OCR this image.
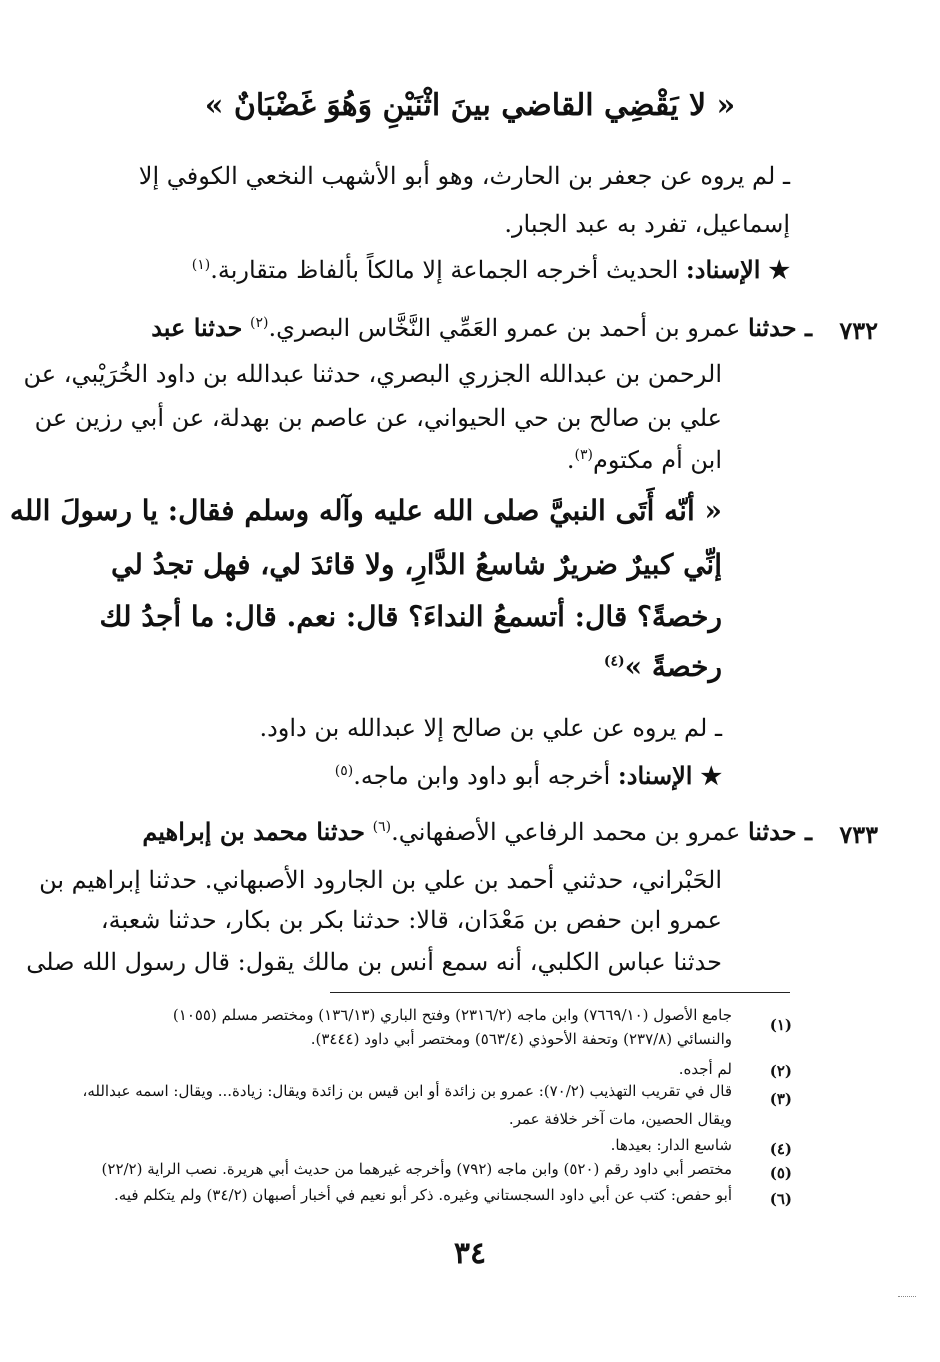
« لا يَقْضِي القاضي بينَ اثْنَيْنِ وَهُوَ غَضْبَانٌ »
ـ لم يروه عن جعفر بن الحارث، وهو أبو الأشهب النخعي الكوفي إلا
إسماعيل، تفرد به عبد الجبار.
★الإسناد: الحديث أخرجه الجماعة إلا مالكاً بألفاظ متقاربة.$^{(١)}$
٧٣٢
ـ حدثنا عمرو بن أحمد بن عمرو العَمِّي النَّخَّاس البصري.$^{(٢)}$ حدثنا عبد
الرحمن بن عبدالله الجزري البصري، حدثنا عبدالله بن داود الخُرَيْبي، عن
علي بن صالح بن حي الحيواني، عن عاصم بن بهدلة، عن أبي رزين عن
ابن أم مكتوم$^{(٣)}$.
« أنّه أَتَى النبيَّ صلى الله عليه وآله وسلم فقال: يا رسولَ الله
إنِّي كبيرٌ ضريرٌ شاسعُ الدَّارِ، ولا قائدَ لي، فهل تجدُ لي
رخصةً؟ قال: أتسمعُ النداءَ؟ قال: نعم. قال: ما أجدُ لك
رخصةً »$^{(٤)}$
ـ لم يروه عن علي بن صالح إلا عبدالله بن داود.
★الإسناد: أخرجه أبو داود وابن ماجه.$^{(٥)}$
٧٣٣
ـ حدثنا عمرو بن محمد الرفاعي الأصفهاني.$^{(٦)}$ حدثنا محمد بن إبراهيم
الحَبْراني، حدثني أحمد بن علي بن الجارود الأصبهاني. حدثنا إبراهيم بن
عمرو ابن حفص بن مَعْدَان، قالا: حدثنا بكر بن بكار، حدثنا شعبة،
حدثنا عباس الكلبي، أنه سمع أنس بن مالك يقول: قال رسول الله صلى
(١)
جامع الأصول (٧٦٦٩/١٠) وابن ماجه (٢٣١٦/٢) وفتح الباري (١٣٦/١٣) ومختصر مسلم (١٠٥٥)
والنسائي (٢٣٧/٨) وتحفة الأحوذي (٥٦٣/٤) ومختصر أبي داود (٣٤٤٤).
(٢)
لم أجده.
(٣)
قال في تقريب التهذيب (٧٠/٢): عمرو بن زائدة أو ابن قيس بن زائدة ويقال: زيادة... ويقال: اسمه عبدالله،
ويقال الحصين، مات آخر خلافة عمر.
(٤)
شاسع الدار: بعيدها.
(٥)
مختصر أبي داود رقم (٥٢٠) وابن ماجه (٧٩٢) وأخرجه غيرهما من حديث أبي هريرة. نصب الراية (٢٢/٢)
(٦)
أبو حفص: كتب عن أبي داود السجستاني وغيره. ذكر أبو نعيم في أخبار أصبهان (٣٤/٢) ولم يتكلم فيه.
٣٤
